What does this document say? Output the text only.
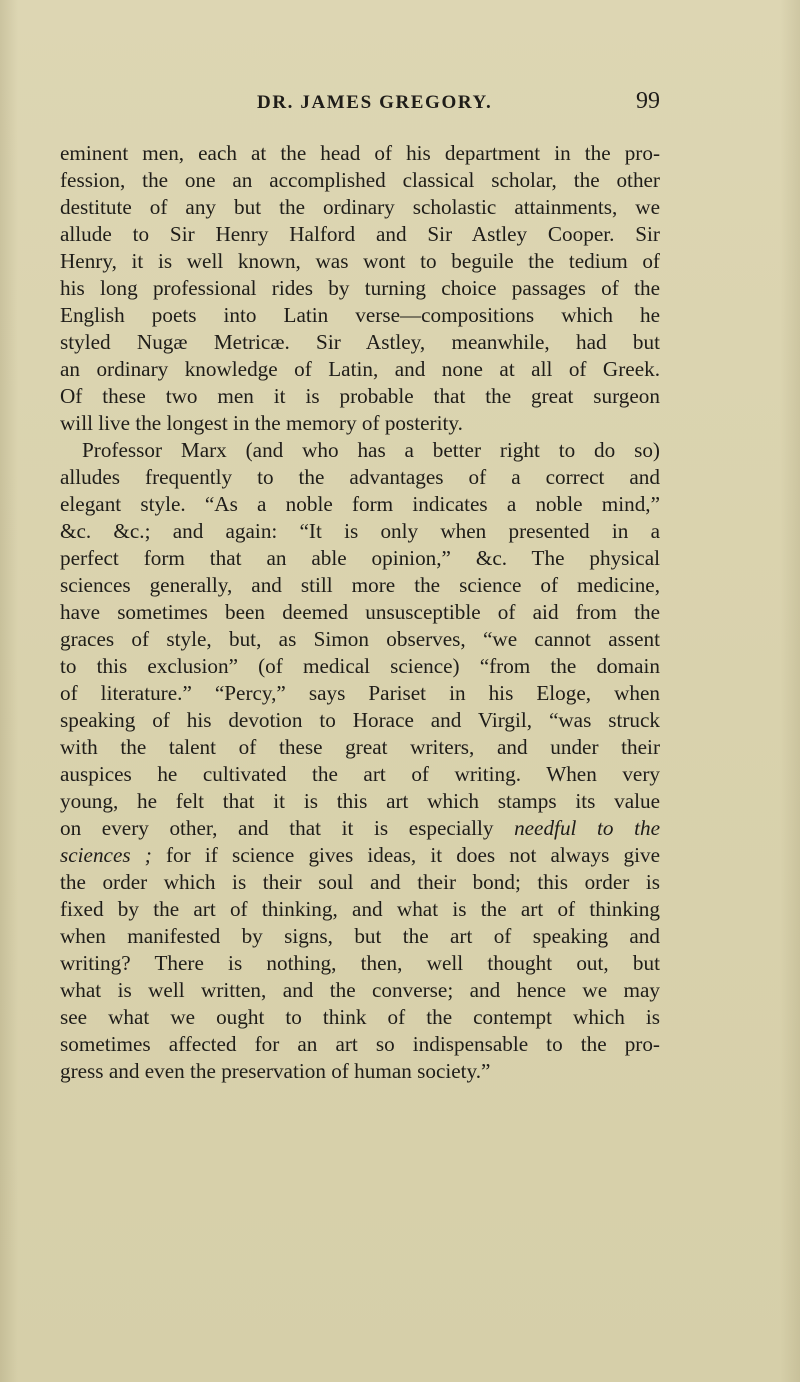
DR. JAMES GREGORY.	99
eminent men, each at the head of his department in the pro-
fession, the one an accomplished classical scholar, the other
destitute of any but the ordinary scholastic attainments, we
allude to Sir Henry Halford and Sir Astley Cooper. Sir
Henry, it is well known, was wont to beguile the tedium of
his long professional rides by turning choice passages of the
English poets into Latin verse—compositions which he
styled Nugæ Metricæ. Sir Astley, meanwhile, had but
an ordinary knowledge of Latin, and none at all of Greek.
Of these two men it is probable that the great surgeon
will live the longest in the memory of posterity.
Professor Marx (and who has a better right to do so)
alludes frequently to the advantages of a correct and
elegant style. “As a noble form indicates a noble mind,”
&c. &c.; and again: “It is only when presented in a
perfect form that an able opinion,” &c. The physical
sciences generally, and still more the science of medicine,
have sometimes been deemed unsusceptible of aid from the
graces of style, but, as Simon observes, “we cannot assent
to this exclusion” (of medical science) “from the domain
of literature.” “Percy,” says Pariset in his Eloge, when
speaking of his devotion to Horace and Virgil, “was struck
with the talent of these great writers, and under their
auspices he cultivated the art of writing. When very
young, he felt that it is this art which stamps its value
on every other, and that it is especially needful to the
sciences ; for if science gives ideas, it does not always give
the order which is their soul and their bond; this order is
fixed by the art of thinking, and what is the art of thinking
when manifested by signs, but the art of speaking and
writing? There is nothing, then, well thought out, but
what is well written, and the converse; and hence we may
see what we ought to think of the contempt which is
sometimes affected for an art so indispensable to the pro-
gress and even the preservation of human society.”
